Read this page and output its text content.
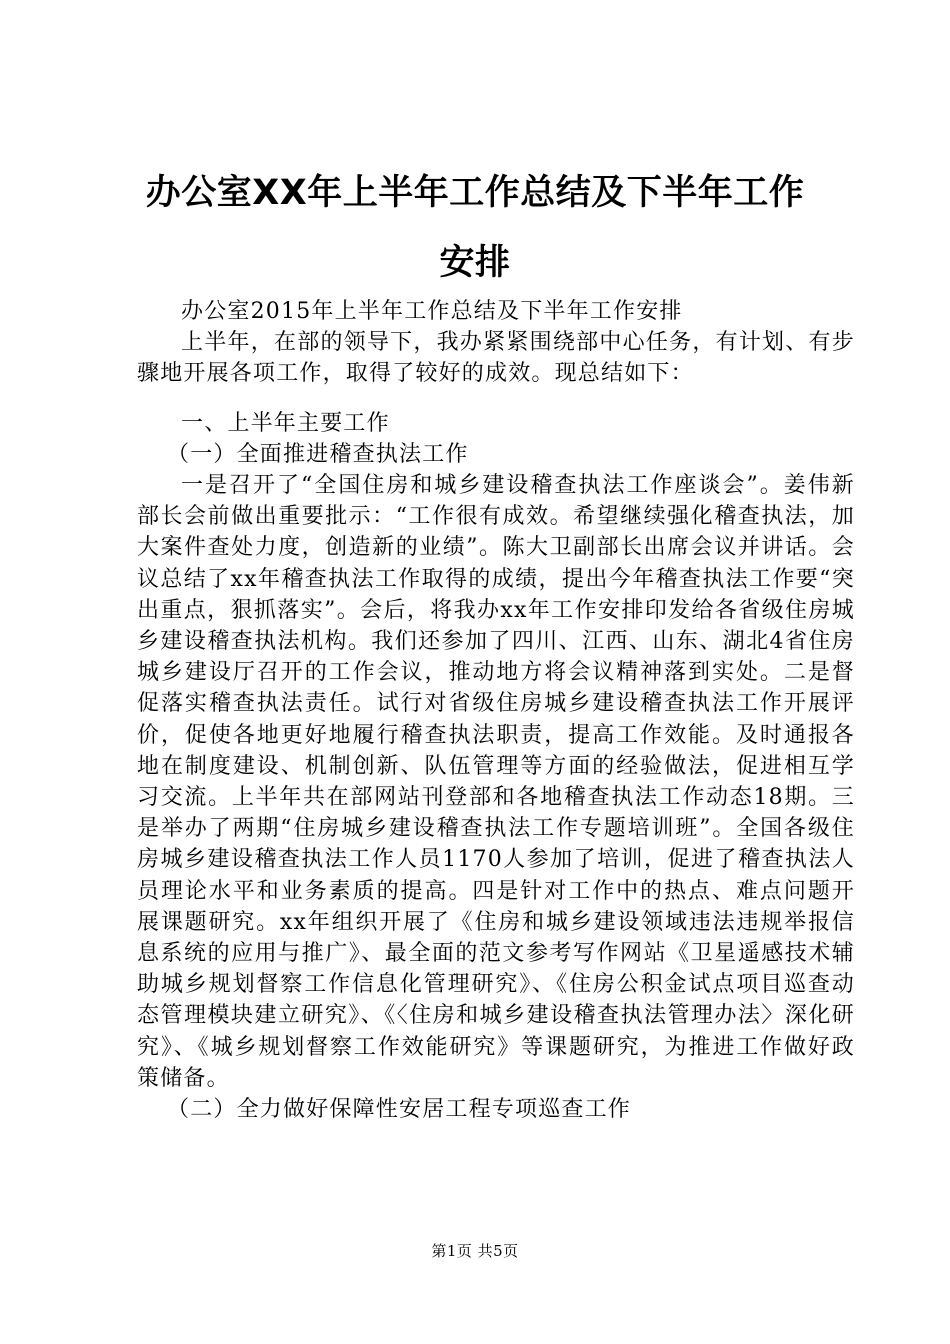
办公室XX年上半年工作总结及下半年工作安排

办公室2015年上半年工作总结及下半年工作安排

上半年，在部的领导下，我办紧紧围绕部中心任务，有计划、有步骤地开展各项工作，取得了较好的成效。现总结如下：

一、上半年主要工作

（一）全面推进稽查执法工作

一是召开了“全国住房和城乡建设稽查执法工作座谈会”。姜伟新部长会前做出重要批示：“工作很有成效。希望继续强化稽查执法，加大案件查处力度，创造新的业绩”。陈大卫副部长出席会议并讲话。会议总结了xx年稽查执法工作取得的成绩，提出今年稽查执法工作要“突出重点，狠抓落实”。会后，将我办xx年工作安排印发给各省级住房城乡建设稽查执法机构。我们还参加了四川、江西、山东、湖北4省住房城乡建设厅召开的工作会议，推动地方将会议精神落到实处。二是督促落实稽查执法责任。试行对省级住房城乡建设稽查执法工作开展评价，促使各地更好地履行稽查执法职责，提高工作效能。及时通报各地在制度建设、机制创新、队伍管理等方面的经验做法，促进相互学习交流。上半年共在部网站刊登部和各地稽查执法工作动态18期。三是举办了两期“住房城乡建设稽查执法工作专题培训班”。全国各级住房城乡建设稽查执法工作人员1170人参加了培训，促进了稽查执法人员理论水平和业务素质的提高。四是针对工作中的热点、难点问题开展课题研究。xx年组织开展了《住房和城乡建设领域违法违规举报信息系统的应用与推广》、最全面的范文参考写作网站《卫星遥感技术辅助城乡规划督察工作信息化管理研究》、《住房公积金试点项目巡查动态管理模块建立研究》、《〈住房和城乡建设稽查执法管理办法〉深化研究》、《城乡规划督察工作效能研究》等课题研究，为推进工作做好政策储备。

（二）全力做好保障性安居工程专项巡查工作

第1页 共5页
